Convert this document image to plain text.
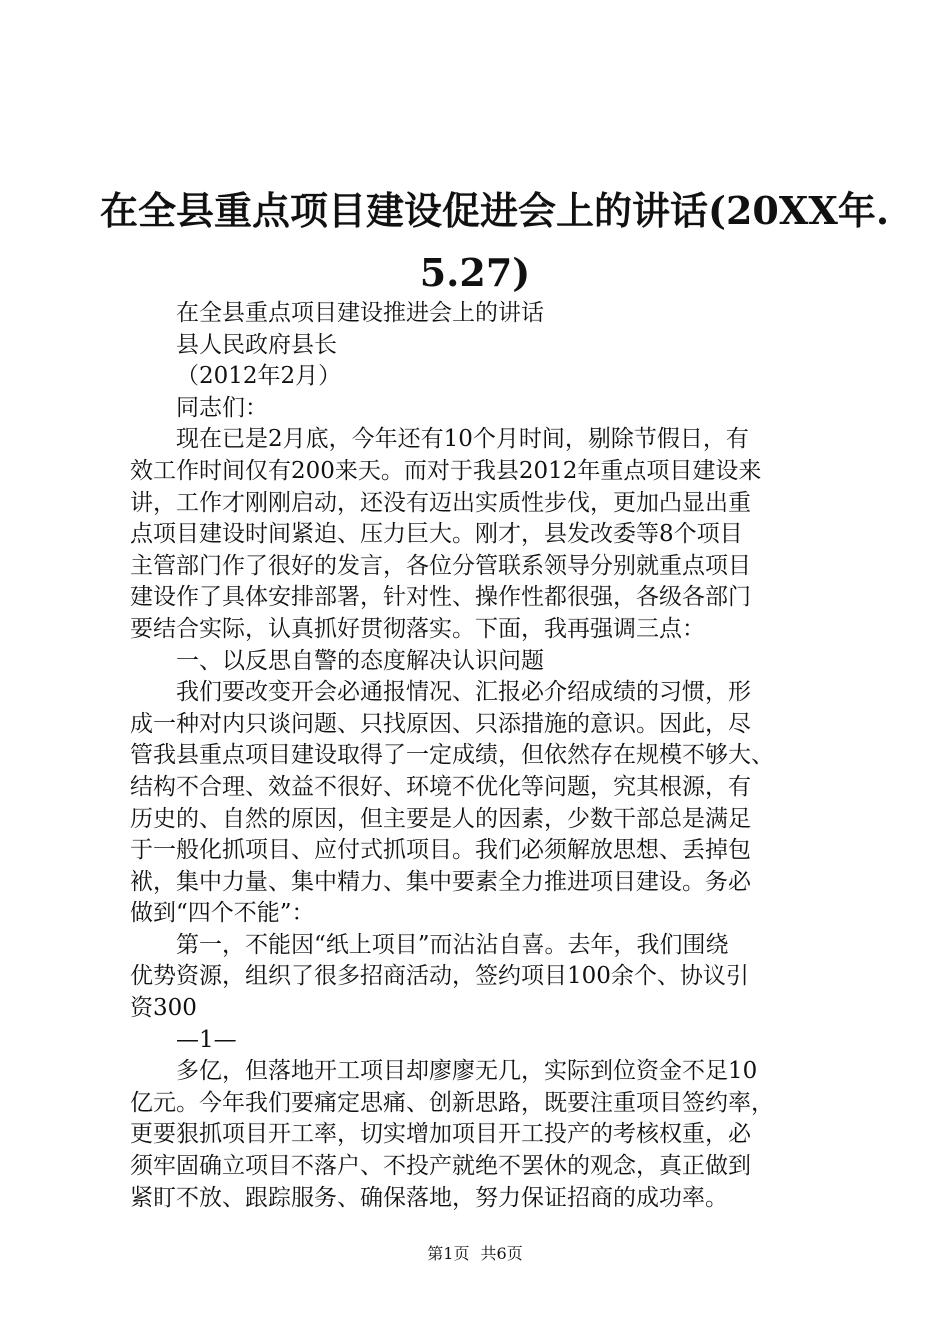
在全县重点项目建设促进会上的讲话(20XX年.
5.27)
在全县重点项目建设推进会上的讲话
县人民政府县长
（2012年2月）
同志们：
现在已是2月底，今年还有10个月时间，剔除节假日，有
效工作时间仅有200来天。而对于我县2012年重点项目建设来
讲，工作才刚刚启动，还没有迈出实质性步伐，更加凸显出重
点项目建设时间紧迫、压力巨大。刚才，县发改委等8个项目
主管部门作了很好的发言，各位分管联系领导分别就重点项目
建设作了具体安排部署，针对性、操作性都很强，各级各部门
要结合实际，认真抓好贯彻落实。下面，我再强调三点：
一、以反思自警的态度解决认识问题
我们要改变开会必通报情况、汇报必介绍成绩的习惯，形
成一种对内只谈问题、只找原因、只添措施的意识。因此，尽
管我县重点项目建设取得了一定成绩，但依然存在规模不够大、
结构不合理、效益不很好、环境不优化等问题，究其根源，有
历史的、自然的原因，但主要是人的因素，少数干部总是满足
于一般化抓项目、应付式抓项目。我们必须解放思想、丢掉包
袱，集中力量、集中精力、集中要素全力推进项目建设。务必
做到“四个不能”：
第一，不能因“纸上项目”而沾沾自喜。去年，我们围绕
优势资源，组织了很多招商活动，签约项目100余个、协议引
资300
—1—
多亿，但落地开工项目却廖廖无几，实际到位资金不足10
亿元。今年我们要痛定思痛、创新思路，既要注重项目签约率，
更要狠抓项目开工率，切实增加项目开工投产的考核权重，必
须牢固确立项目不落户、不投产就绝不罢休的观念，真正做到
紧盯不放、跟踪服务、确保落地，努力保证招商的成功率。
第1页 共6页
